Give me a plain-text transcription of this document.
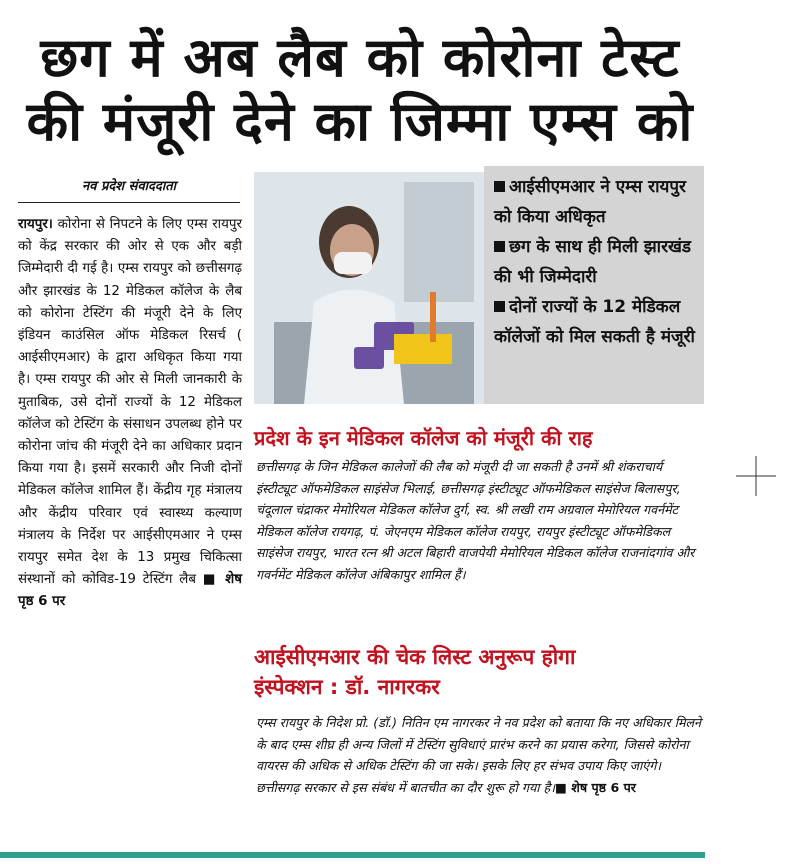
छग में अब लैब को कोरोना टेस्ट
की मंजूरी देने का जिम्मा एम्स को
नव प्रदेश संवाददाता
रायपुर। कोरोना से निपटने के लिए एम्स रायपुर को केंद्र सरकार की ओर से एक और बड़ी जिम्मेदारी दी गई है। एम्स रायपुर को छत्तीसगढ़ और झारखंड के 12 मेडिकल कॉलेज के लैब को कोरोना टेस्टिंग की मंजूरी देने के लिए इंडियन काउंसिल ऑफ मेडिकल रिसर्च ( आईसीएमआर) के द्वारा अधिकृत किया गया है। एम्स रायपुर की ओर से मिली जानकारी के मुताबिक, उसे दोनों राज्यों के 12 मेडिकल कॉलेज को टेस्टिंग के संसाधन उपलब्ध होने पर कोरोना जांच की मंजूरी देने का अधिकार प्रदान किया गया है। इसमें सरकारी और निजी दोनों मेडिकल कॉलेज शामिल हैं। केंद्रीय गृह मंत्रालय और केंद्रीय परिवार एवं स्वास्थ्य कल्याण मंत्रालय के निर्देश पर आईसीएमआर ने एम्स रायपुर समेत देश के 13 प्रमुख चिकित्सा संस्थानों को कोविड-19 टेस्टिंग लैब ■ शेष पृष्ठ 6 पर
आईसीएमआर ने एम्स रायपुर को किया अधिकृत
छग के साथ ही मिली झारखंड की भी जिम्मेदारी
दोनों राज्यों के 12 मेडिकल कॉलेजों को मिल सकती है मंजूरी
प्रदेश के इन मेडिकल कॉलेज को मंजूरी की राह
छत्तीसगढ़ के जिन मेडिकल कालेजों की लैब को मंजूरी दी जा सकती है उनमें श्री शंकराचार्य इंस्टीट्यूट ऑफमेडिकल साइंसेज भिलाई, छत्तीसगढ़ इंस्टीट्यूट ऑफमेडिकल साइंसेज बिलासपुर, चंदूलाल चंद्राकर मेमोरियल मेडिकल कॉलेज दुर्ग, स्व. श्री लखी राम अग्रवाल मेमोरियल गवर्नमेंट मेडिकल कॉलेज रायगढ़, पं. जेएनएम मेडिकल कॉलेज रायपुर, रायपुर इंस्टीट्यूट ऑफमेडिकल साइंसेज रायपुर, भारत रत्न श्री अटल बिहारी वाजपेयी मेमोरियल मेडिकल कॉलेज राजनांदगांव और गवर्नमेंट मेडिकल कॉलेज अंबिकापुर शामिल हैं।
आईसीएमआर की चेक लिस्ट अनुरूप होगा
इंस्पेक्शन : डॉ. नागरकर
एम्स रायपुर के निदेश प्रो. (डॉ.) नितिन एम नागरकर ने नव प्रदेश को बताया कि नए अधिकार मिलने के बाद एम्स शीघ्र ही अन्य जिलों में टेस्टिंग सुविधाएं प्रारंभ करने का प्रयास करेगा, जिससे कोरोना वायरस की अधिक से अधिक टेस्टिंग की जा सके। इसके लिए हर संभव उपाय किए जाएंगे। छत्तीसगढ़ सरकार से इस संबंध में बातचीत का दौर शुरू हो गया है।■ शेष पृष्ठ 6 पर
